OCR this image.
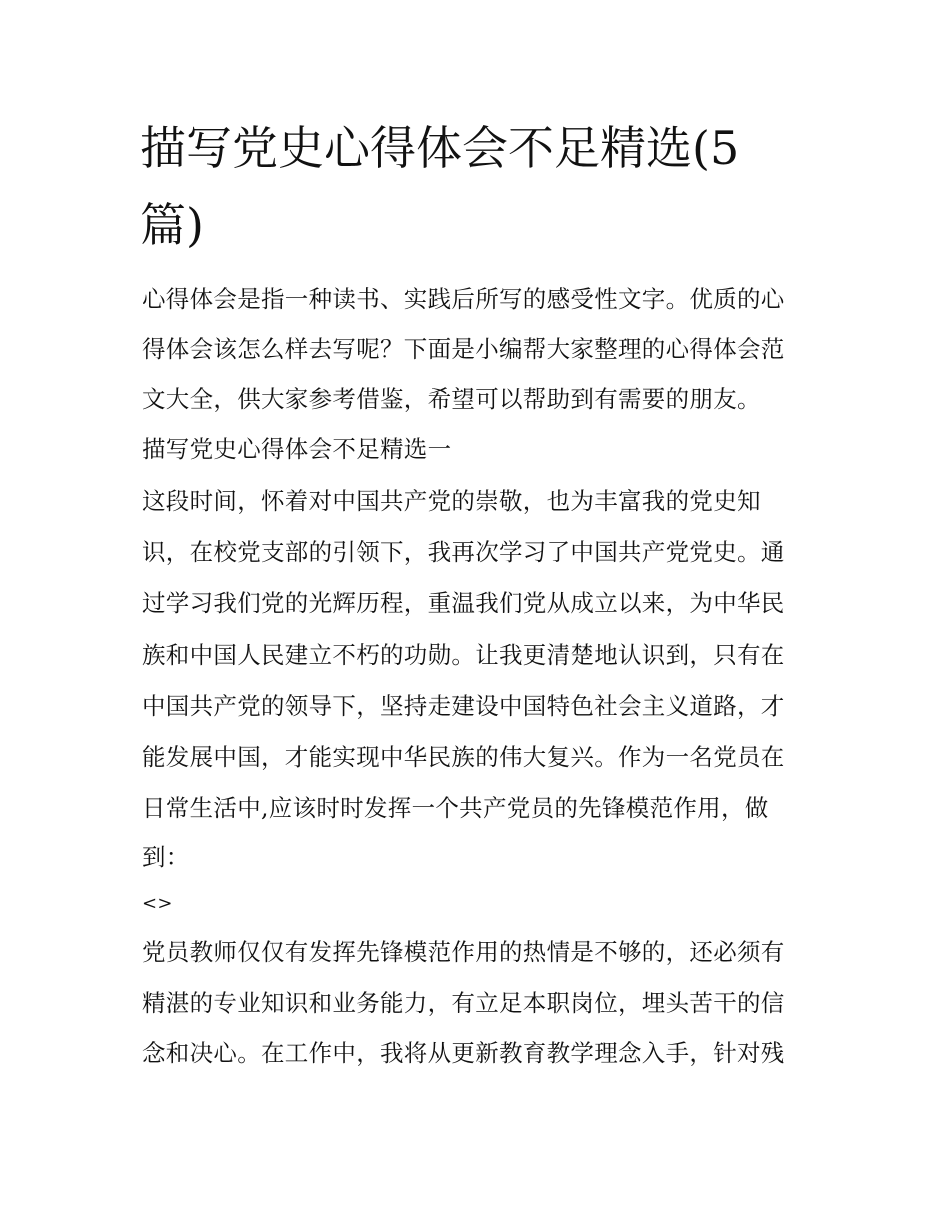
描写党史心得体会不足精选(5
篇)
心得体会是指一种读书、实践后所写的感受性文字。优质的心
得体会该怎么样去写呢？下面是小编帮大家整理的心得体会范
文大全，供大家参考借鉴，希望可以帮助到有需要的朋友。
描写党史心得体会不足精选一
这段时间，怀着对中国共产党的崇敬，也为丰富我的党史知
识，在校党支部的引领下，我再次学习了中国共产党党史。通
过学习我们党的光辉历程，重温我们党从成立以来，为中华民
族和中国人民建立不朽的功勋。让我更清楚地认识到，只有在
中国共产党的领导下，坚持走建设中国特色社会主义道路，才
能发展中国，才能实现中华民族的伟大复兴。作为一名党员在
日常生活中,应该时时发挥一个共产党员的先锋模范作用，做
到：
<>
党员教师仅仅有发挥先锋模范作用的热情是不够的，还必须有
精湛的专业知识和业务能力，有立足本职岗位，埋头苦干的信
念和决心。在工作中，我将从更新教育教学理念入手，针对残
